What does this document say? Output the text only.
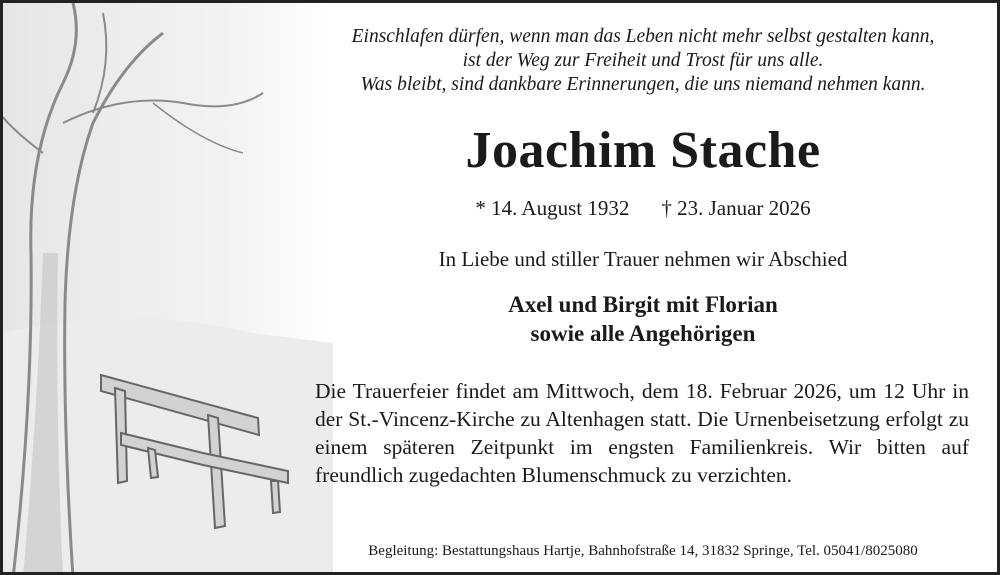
Einschlafen dürfen, wenn man das Leben nicht mehr selbst gestalten kann,
ist der Weg zur Freiheit und Trost für uns alle.
Was bleibt, sind dankbare Erinnerungen, die uns niemand nehmen kann.
Joachim Stache
* 14. August 1932 † 23. Januar 2026
In Liebe und stiller Trauer nehmen wir Abschied
Axel und Birgit mit Florian
sowie alle Angehörigen
Die Trauerfeier findet am Mittwoch, dem 18. Februar 2026, um 12 Uhr in der St.-Vincenz-Kirche zu Altenhagen statt. Die Urnenbeisetzung erfolgt zu einem späteren Zeitpunkt im engsten Familienkreis. Wir bitten auf freundlich zugedachten Blumenschmuck zu verzichten.
Begleitung: Bestattungshaus Hartje, Bahnhofstraße 14, 31832 Springe, Tel. 05041/8025080
